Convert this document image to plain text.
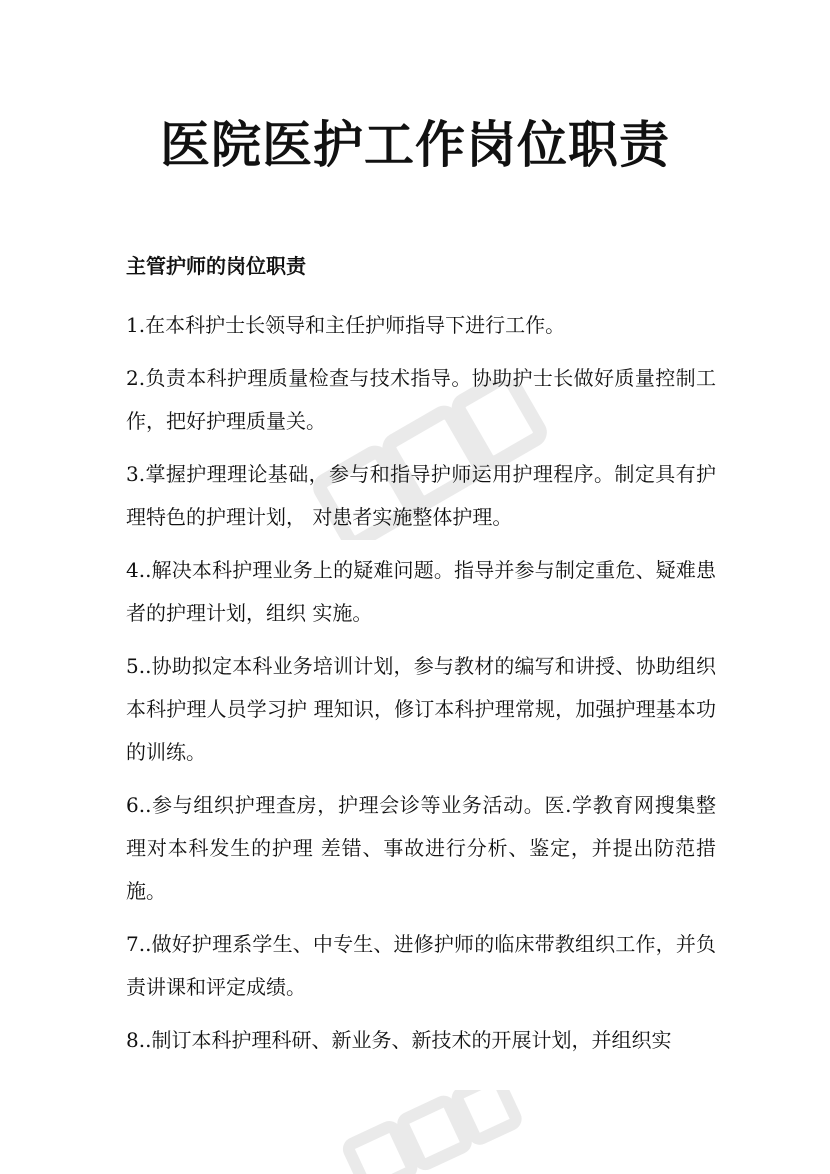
医院医护工作岗位职责
主管护师的岗位职责

1.在本科护士长领导和主任护师指导下进行工作。

2.负责本科护理质量检查与技术指导。协助护士长做好质量控制工作，把好护理质量关。

3.掌握护理理论基础，参与和指导护师运用护理程序。制定具有护理特色的护理计划， 对患者实施整体护理。

4..解决本科护理业务上的疑难问题。指导并参与制定重危、疑难患者的护理计划，组织 实施。

5..协助拟定本科业务培训计划，参与教材的编写和讲授、协助组织本科护理人员学习护 理知识，修订本科护理常规，加强护理基本功的训练。

6..参与组织护理查房，护理会诊等业务活动。医.学教育网搜集整理对本科发生的护理 差错、事故进行分析、鉴定，并提出防范措施。

7..做好护理系学生、中专生、进修护师的临床带教组织工作，并负责讲课和评定成绩。

8..制订本科护理科研、新业务、新技术的开展计划，并组织实
